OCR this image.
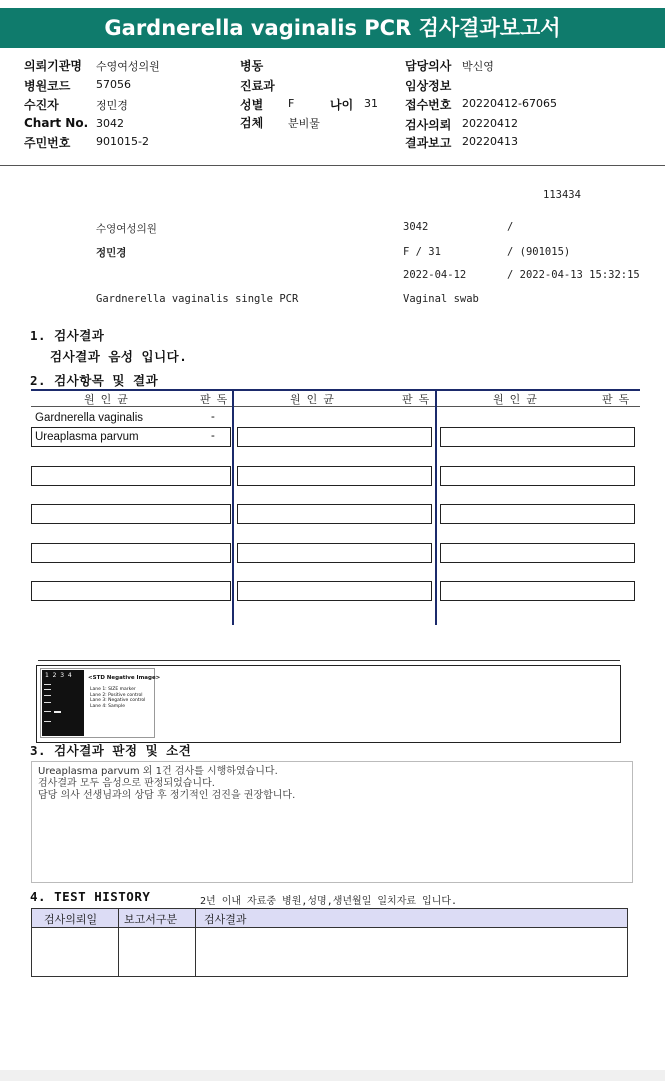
Gardnerella vaginalis PCR 검사결과보고서
의뢰기관명 수영여성의원	병동	담당의사 박신영
병원코드 57056	진료과	임상정보
수진자	정민경	성별 F	나이 31 접수번호 20220412-67065
Chart No. 3042	검체 분비물	검사의뢰 20220412
주민번호 901015-2	결과보고 20220413
113434
수영여성의원	3042	/
정민경	F / 31	/ (901015)
2022-04-12	/ 2022-04-13 15:32:15
Gardnerella vaginalis single PCR	Vaginal swab
1. 검사결과
검사결과 음성 입니다.
2. 검사항목 및 결과
원인균	판독	원인균	판독	원인균	판독
Gardnerella vaginalis	-
Ureaplasma parvum	-
1  2  3  4	<STD Negative Image>
Lane 1: SIZE marker
Lane 2: Positive control
Lane 3: Negative control
Lane 4: Sample
3. 검사결과 판정 및 소견
Ureaplasma parvum 외 1건 검사를 시행하였습니다.
검사결과 모두 음성으로 판정되었습니다.
담당 의사 선생님과의 상담 후 정기적인 검진을 권장합니다.
4. TEST HISTORY	2년 이내 자료중 병원,성명,생년월일 일치자료 입니다.
검사의뢰일 보고서구분 검사결과
